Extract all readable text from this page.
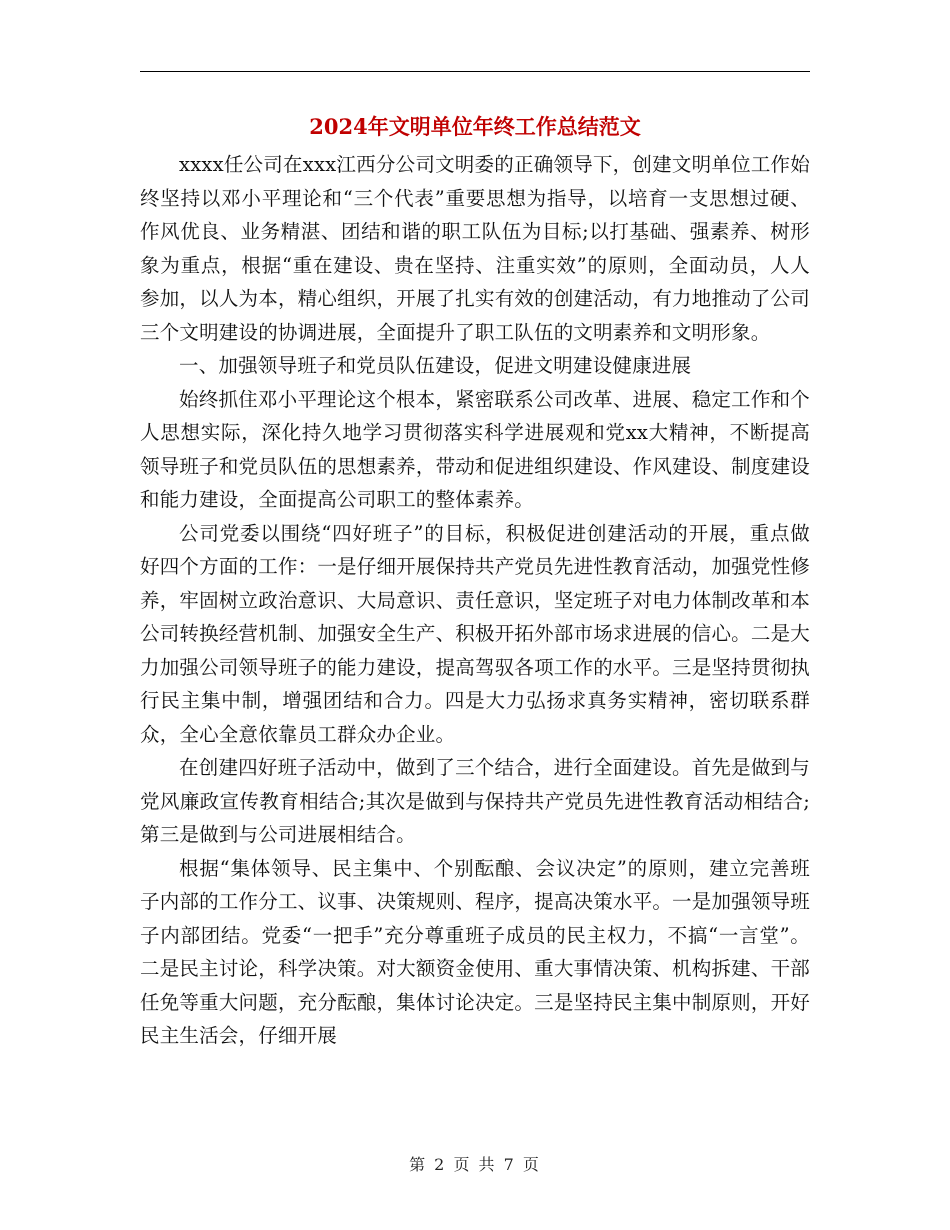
2024年文明单位年终工作总结范文

xxxx任公司在xxx江西分公司文明委的正确领导下，创建文明单位工作始终坚持以邓小平理论和“三个代表”重要思想为指导，以培育一支思想过硬、作风优良、业务精湛、团结和谐的职工队伍为目标;以打基础、强素养、树形象为重点，根据“重在建设、贵在坚持、注重实效”的原则，全面动员，人人参加，以人为本，精心组织，开展了扎实有效的创建活动，有力地推动了公司三个文明建设的协调进展，全面提升了职工队伍的文明素养和文明形象。

一、加强领导班子和党员队伍建设，促进文明建设健康进展

始终抓住邓小平理论这个根本，紧密联系公司改革、进展、稳定工作和个人思想实际，深化持久地学习贯彻落实科学进展观和党xx大精神，不断提高领导班子和党员队伍的思想素养，带动和促进组织建设、作风建设、制度建设和能力建设，全面提高公司职工的整体素养。

公司党委以围绕“四好班子”的目标，积极促进创建活动的开展，重点做好四个方面的工作：一是仔细开展保持共产党员先进性教育活动，加强党性修养，牢固树立政治意识、大局意识、责任意识，坚定班子对电力体制改革和本公司转换经营机制、加强安全生产、积极开拓外部市场求进展的信心。二是大力加强公司领导班子的能力建设，提高驾驭各项工作的水平。三是坚持贯彻执行民主集中制，增强团结和合力。四是大力弘扬求真务实精神，密切联系群众，全心全意依靠员工群众办企业。

在创建四好班子活动中，做到了三个结合，进行全面建设。首先是做到与党风廉政宣传教育相结合;其次是做到与保持共产党员先进性教育活动相结合;第三是做到与公司进展相结合。

根据“集体领导、民主集中、个别酝酿、会议决定”的原则，建立完善班子内部的工作分工、议事、决策规则、程序，提高决策水平。一是加强领导班子内部团结。党委“一把手”充分尊重班子成员的民主权力，不搞“一言堂”。二是民主讨论，科学决策。对大额资金使用、重大事情决策、机构拆建、干部任免等重大问题，充分酝酿，集体讨论决定。三是坚持民主集中制原则，开好民主生活会，仔细开展

第 2 页 共 7 页
